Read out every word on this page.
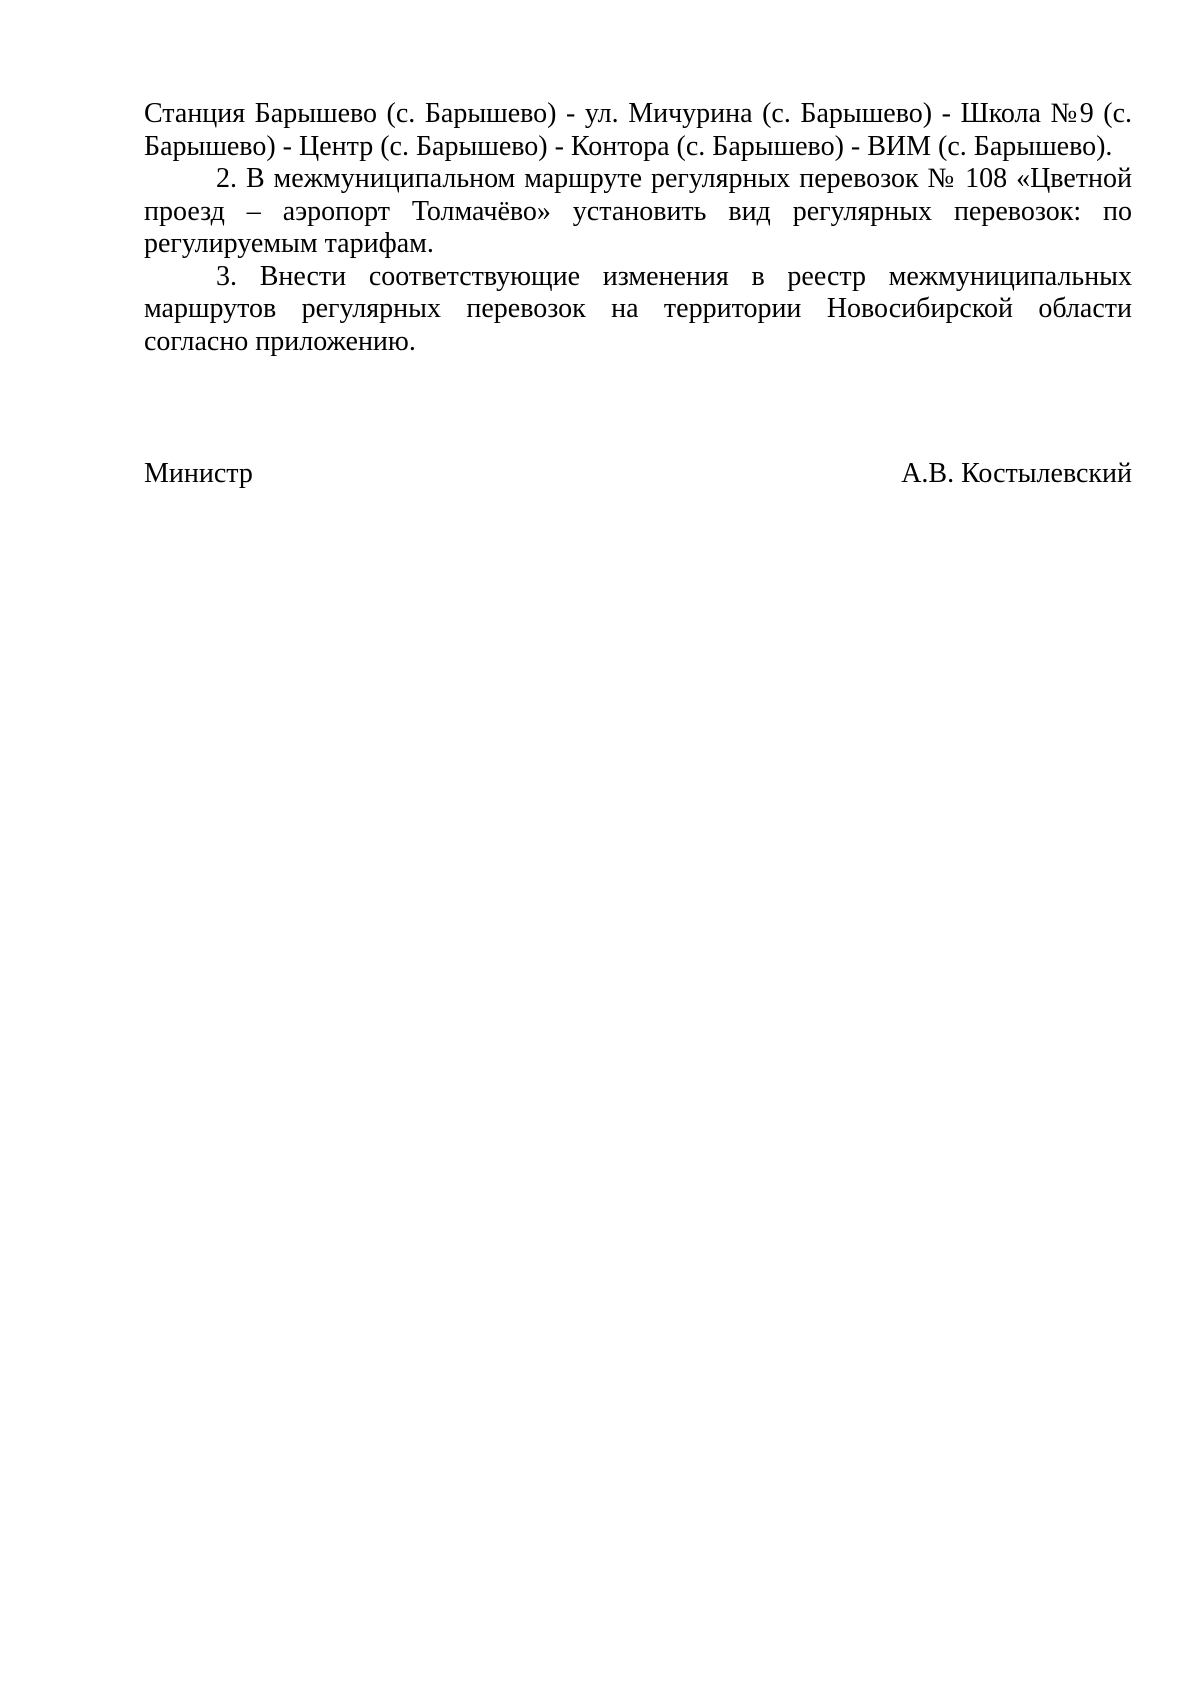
Станция Барышево (с. Барышево) - ул. Мичурина (с. Барышево) - Школа №9 (с. Барышево) - Центр (с. Барышево) - Контора (с. Барышево) - ВИМ (с. Барышево).

2. В межмуниципальном маршруте регулярных перевозок № 108 «Цветной проезд – аэропорт Толмачёво» установить вид регулярных перевозок: по регулируемым тарифам.

3. Внести соответствующие изменения в реестр межмуниципальных маршрутов регулярных перевозок на территории Новосибирской области согласно приложению.

Министр	А.В. Костылевский
